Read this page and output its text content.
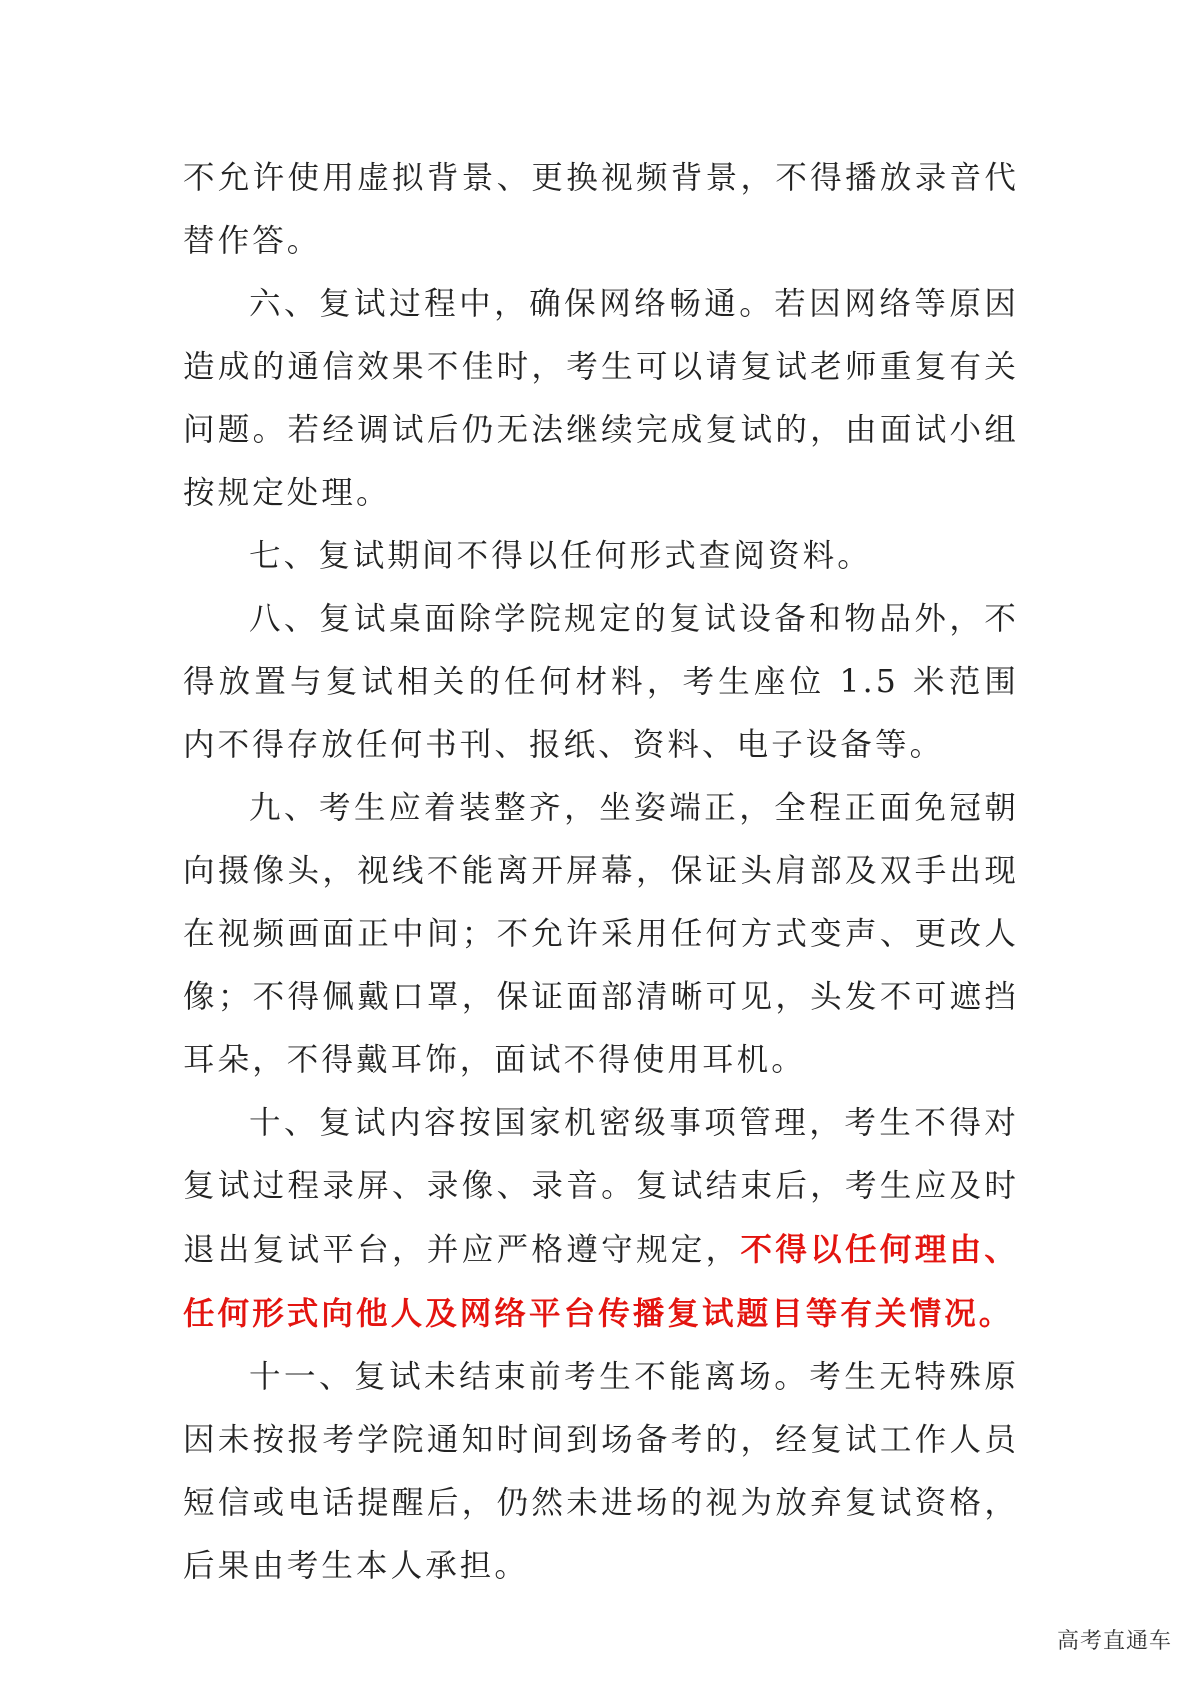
不允许使用虚拟背景、更换视频背景，不得播放录音代替作答。

六、复试过程中，确保网络畅通。若因网络等原因造成的通信效果不佳时，考生可以请复试老师重复有关问题。若经调试后仍无法继续完成复试的，由面试小组按规定处理。

七、复试期间不得以任何形式查阅资料。

八、复试桌面除学院规定的复试设备和物品外，不得放置与复试相关的任何材料，考生座位 1.5 米范围内不得存放任何书刊、报纸、资料、电子设备等。

九、考生应着装整齐，坐姿端正，全程正面免冠朝向摄像头，视线不能离开屏幕，保证头肩部及双手出现在视频画面正中间；不允许采用任何方式变声、更改人像；不得佩戴口罩，保证面部清晰可见，头发不可遮挡耳朵，不得戴耳饰，面试不得使用耳机。

十、复试内容按国家机密级事项管理，考生不得对复试过程录屏、录像、录音。复试结束后，考生应及时退出复试平台，并应严格遵守规定，不得以任何理由、任何形式向他人及网络平台传播复试题目等有关情况。

十一、复试未结束前考生不能离场。考生无特殊原因未按报考学院通知时间到场备考的，经复试工作人员短信或电话提醒后，仍然未进场的视为放弃复试资格，后果由考生本人承担。

高考直通车
